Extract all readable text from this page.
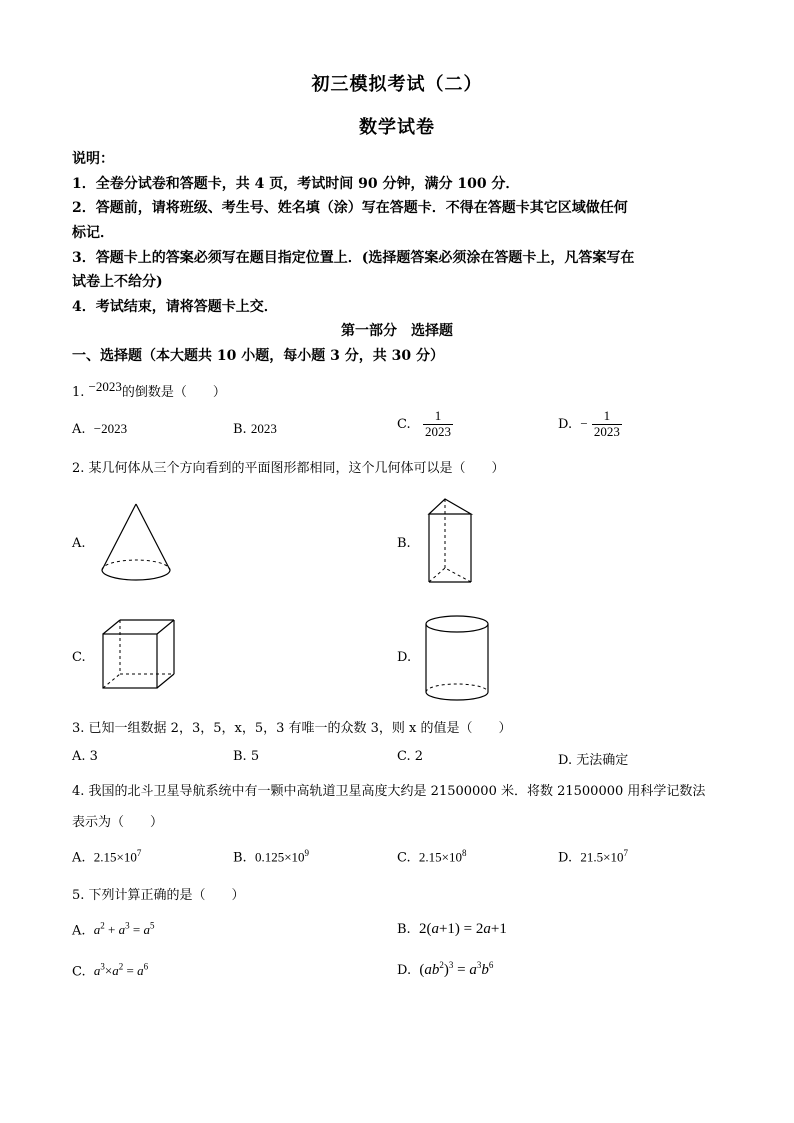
初三模拟考试（二）
数学试卷
说明：
1．全卷分试卷和答题卡，共 4 页，考试时间 90 分钟，满分 100 分．
2．答题前，请将班级、考生号、姓名填（涂）写在答题卡．不得在答题卡其它区域做任何
标记．
3．答题卡上的答案必须写在题目指定位置上．(选择题答案必须涂在答题卡上，凡答案写在
试卷上不给分)
4．考试结束，请将答题卡上交．
第一部分　选择题
一、选择题（本大题共 10 小题，每小题 3 分，共 30 分）
1. −2023的倒数是（　　）
A. −2023	B. 2023	C. $\frac{1}{2023}$	D. − $\frac{1}{2023}$
2. 某几何体从三个方向看到的平面图形都相同，这个几何体可以是（　　）
A.	B.
C.	D.
3. 已知一组数据 2，3，5，x，5，3 有唯一的众数 3，则 x 的值是（　　）
A. 3	B. 5	C. 2	D. 无法确定
4. 我国的北斗卫星导航系统中有一颗中高轨道卫星高度大约是 21500000 米．将数 21500000 用科学记数法
表示为（　　）
A. $2.15\times 10^7$	B. $0.125\times 10^9$	C. $2.15\times 10^8$	D. $21.5\times 10^7$
5. 下列计算正确的是（　　）
A. $a^2 + a^3 = a^5$	B. 2(a+1) = 2a+1
C. $a^3\times a^2 = a^6$	D. $(ab^2)^3 = a^3b^6$
